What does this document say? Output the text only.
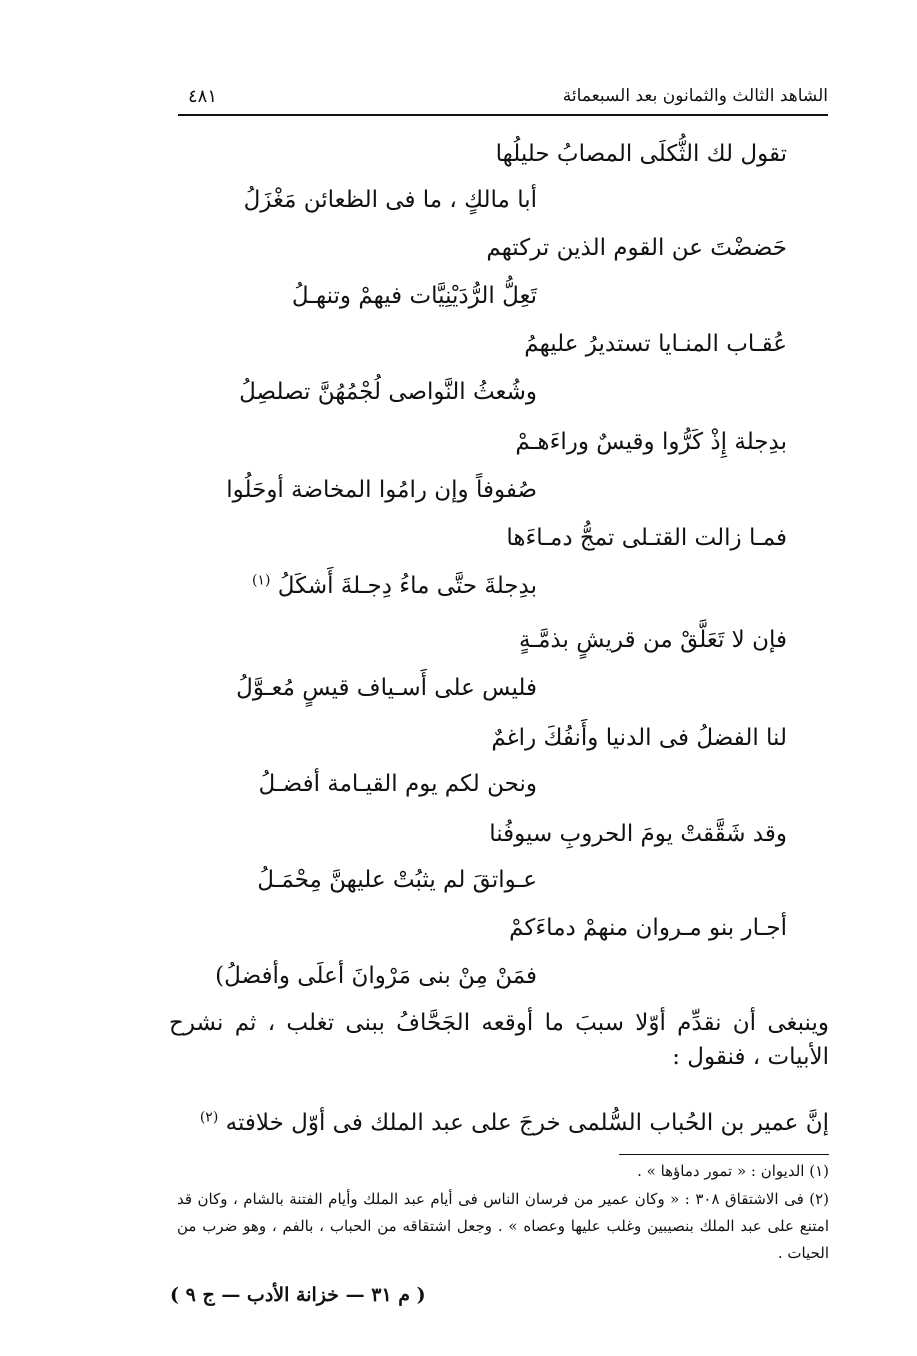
الشاهد الثالث والثمانون بعد السبعمائة
٤٨١
تقول لك الثُّكلَى المصابُ حليلُها
أبا مالكٍ ، ما فى الظعائن مَغْزَلُ
حَضضْتَ عن القوم الذين تركتهم
تَعِلُّ الرُّدَيْنِيَّات فيهمْ وتنهـلُ
عُقـاب المنـايا تستديرُ عليهمُ
وشُعثُ النَّواصى لُجْمُهُنَّ تصلصِلُ
بدِجلة إِذْ كَرُّوا وقيسٌ وراءَهـمْ
صُفوفاً وإن رامُوا المخاضة أوحَلُوا
فمـا زالت القتـلى تمجُّ دمـاءَها
بدِجلةَ حتَّى ماءُ دِجـلةَ أَشكَلُ $^{(١)}$
فإن لا تَعَلَّقْ من قريشٍ بذمَّـةٍ
فليس على أَسـياف قيسٍ مُعـوَّلُ
لنا الفضلُ فى الدنيا وأَنفُكَ راغمٌ
ونحن لكم يوم القيـامة أفضـلُ
وقد شَقَّقتْ يومَ الحروبِ سيوفُنا
عـواتقَ لم يثبُتْ عليهنَّ مِحْمَـلُ
أجـار بنو مـروان منهمْ دماءَكمْ
فمَنْ مِنْ بنى مَرْوانَ أعلَى وأفضلُ)
وينبغى أن نقدِّم أوّلا سببَ ما أوقعه الجَحَّافُ ببنى تغلب ، ثم نشرح الأبيات ، فنقول :
إنَّ عمير بن الحُباب السُّلمى خرجَ على عبد الملك فى أوّل خلافته $^{(٢)}$
(١) الديوان : « تمور دماؤها » .
(٢) فى الاشتقاق ٣٠٨ : « وكان عمير من فرسان الناس فى أيام عبد الملك وأيام الفتنة بالشام ، وكان قد امتنع على عبد الملك بنصيبين وغلب عليها وعصاه » . وجعل اشتقاقه من الحباب ، بالفم ، وهو ضرب من الحيات .
( م ٣١ — خزانة الأدب — ج ٩ )
